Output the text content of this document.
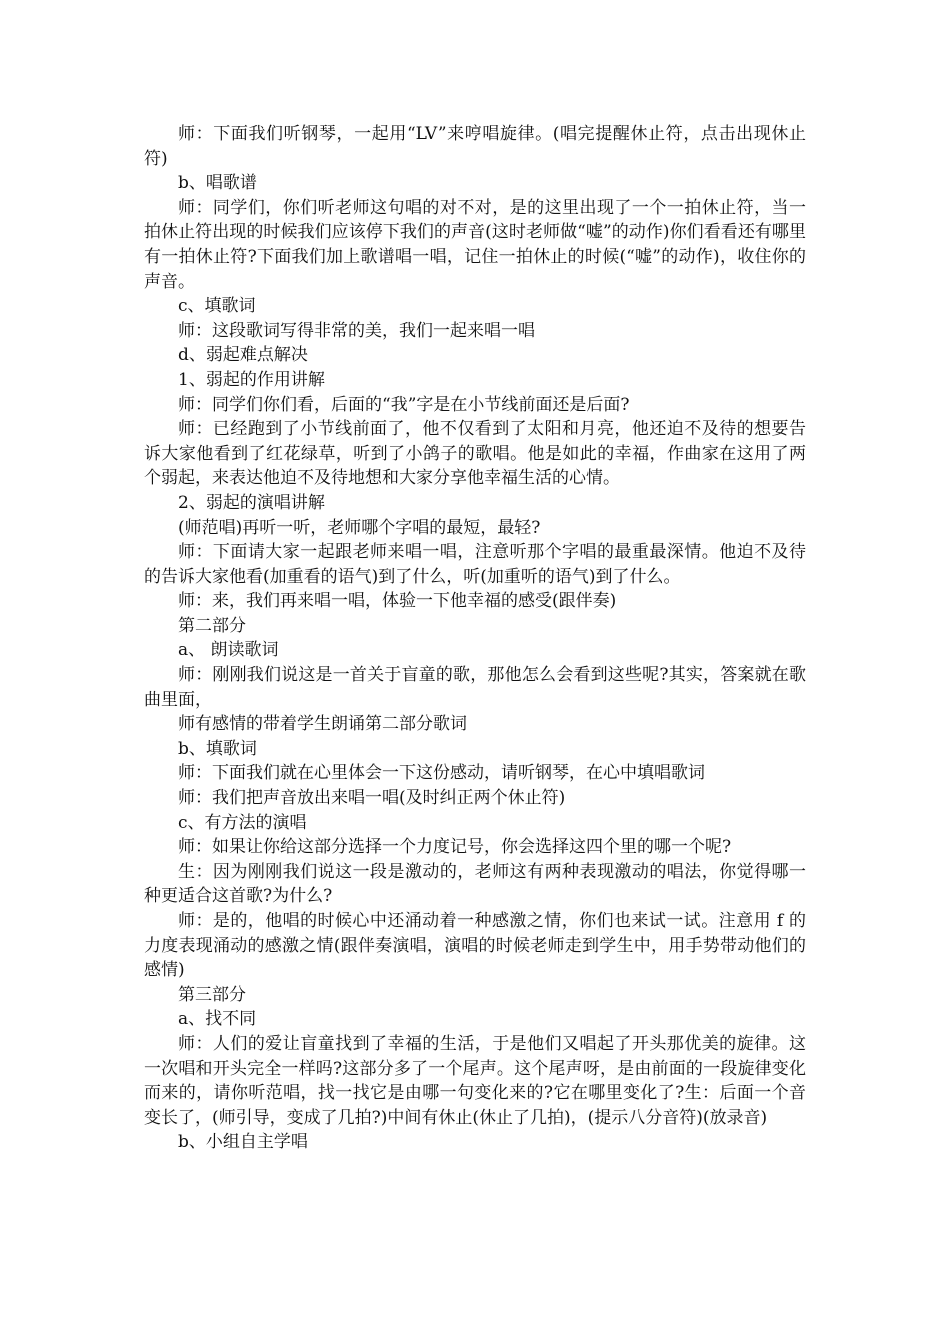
师：下面我们听钢琴，一起用“LV”来哼唱旋律。(唱完提醒休止符，点击出现休止符)

b、唱歌谱

师：同学们，你们听老师这句唱的对不对，是的这里出现了一个一拍休止符，当一拍休止符出现的时候我们应该停下我们的声音(这时老师做“嘘”的动作)你们看看还有哪里有一拍休止符?下面我们加上歌谱唱一唱，记住一拍休止的时候(“嘘”的动作)，收住你的声音。

c、填歌词

师：这段歌词写得非常的美，我们一起来唱一唱

d、弱起难点解决

1、弱起的作用讲解

师：同学们你们看，后面的“我”字是在小节线前面还是后面?

师：已经跑到了小节线前面了，他不仅看到了太阳和月亮，他还迫不及待的想要告诉大家他看到了红花绿草，听到了小鸽子的歌唱。他是如此的幸福，作曲家在这用了两个弱起，来表达他迫不及待地想和大家分享他幸福生活的心情。

2、弱起的演唱讲解

(师范唱)再听一听，老师哪个字唱的最短，最轻?

师：下面请大家一起跟老师来唱一唱，注意听那个字唱的最重最深情。他迫不及待的告诉大家他看(加重看的语气)到了什么，听(加重听的语气)到了什么。

师：来，我们再来唱一唱，体验一下他幸福的感受(跟伴奏)

第二部分

a、 朗读歌词

师：刚刚我们说这是一首关于盲童的歌，那他怎么会看到这些呢?其实，答案就在歌曲里面，

师有感情的带着学生朗诵第二部分歌词

b、填歌词

师：下面我们就在心里体会一下这份感动，请听钢琴，在心中填唱歌词

师：我们把声音放出来唱一唱(及时纠正两个休止符)

c、有方法的演唱

师：如果让你给这部分选择一个力度记号，你会选择这四个里的哪一个呢?

生：因为刚刚我们说这一段是激动的，老师这有两种表现激动的唱法，你觉得哪一种更适合这首歌?为什么?

师：是的，他唱的时候心中还涌动着一种感激之情，你们也来试一试。注意用 f 的力度表现涌动的感激之情(跟伴奏演唱，演唱的时候老师走到学生中，用手势带动他们的感情)

第三部分

a、找不同

师：人们的爱让盲童找到了幸福的生活，于是他们又唱起了开头那优美的旋律。这一次唱和开头完全一样吗?这部分多了一个尾声。这个尾声呀，是由前面的一段旋律变化而来的，请你听范唱，找一找它是由哪一句变化来的?它在哪里变化了?生：后面一个音变长了，(师引导，变成了几拍?)中间有休止(休止了几拍)，(提示八分音符)(放录音)

b、小组自主学唱
